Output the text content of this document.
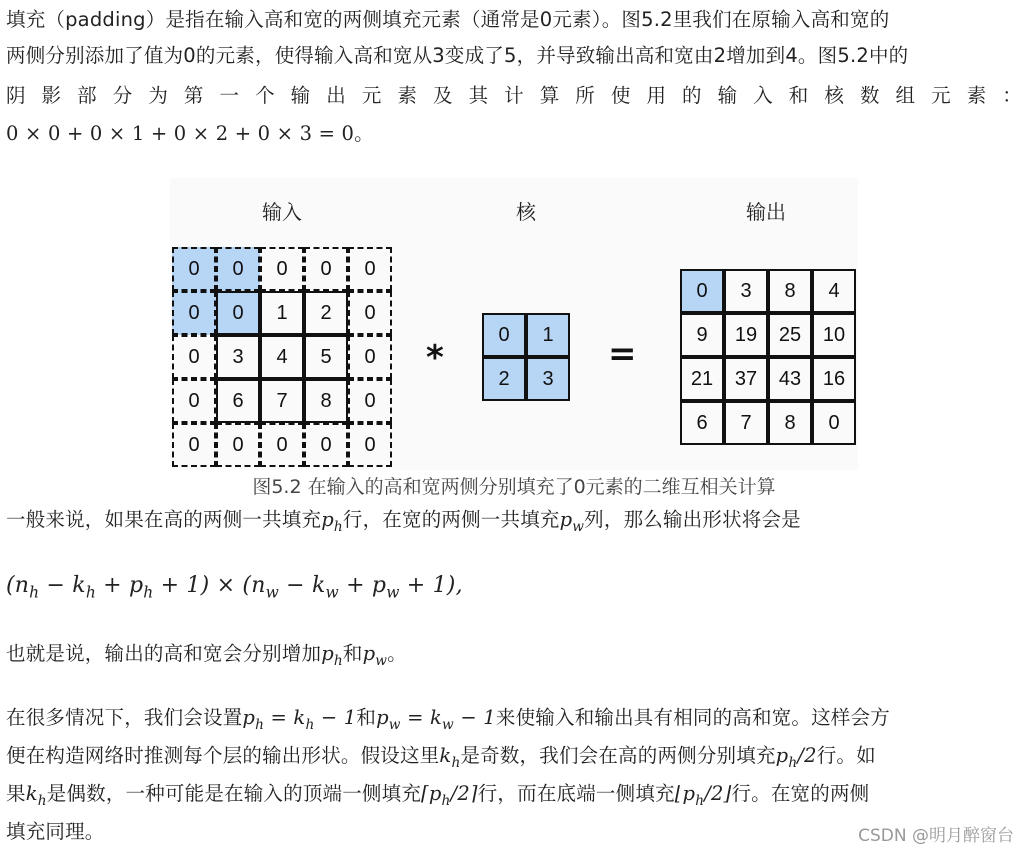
填充（padding）是指在输入高和宽的两侧填充元素（通常是0元素）。图5.2里我们在原输入高和宽的
两侧分别添加了值为0的元素，使得输入高和宽从3变成了5，并导致输出高和宽由2增加到4。图5.2中的
阴 影 部 分 为 第 一 个 输 出 元 素 及 其 计 算 所 使 用 的 输 入 和 核 数 组 元 素 ：
0 × 0 + 0 × 1 + 0 × 2 + 0 × 3 = 0。
输入	核	输出
0	0	0	0	0
0	0	1	2	0
0	3	4	5	0
0	6	7	8	0
0	0	0	0	0
0	1
2	3
0	3	8	4
9	19	25	10
21	37	43	16
6	7	8	0
*	=
图5.2 在输入的高和宽两侧分别填充了0元素的二维互相关计算
一般来说，如果在高的两侧一共填充$p_h$行，在宽的两侧一共填充$p_w$列，那么输出形状将会是
$(n_h - k_h + p_h + 1) \times (n_w - k_w + p_w + 1)$,
也就是说，输出的高和宽会分别增加$p_h$和$p_w$。
在很多情况下，我们会设置$p_h = k_h - 1$和$p_w = k_w - 1$来使输入和输出具有相同的高和宽。这样会方
便在构造网络时推测每个层的输出形状。假设这里$k_h$是奇数，我们会在高的两侧分别填充$p_h/2$行。如
果$k_h$是偶数，一种可能是在输入的顶端一侧填充$⌈p_h/2⌉$行，而在底端一侧填充$⌊p_h/2⌋$行。在宽的两侧
填充同理。	CSDN @明月醉窗台
